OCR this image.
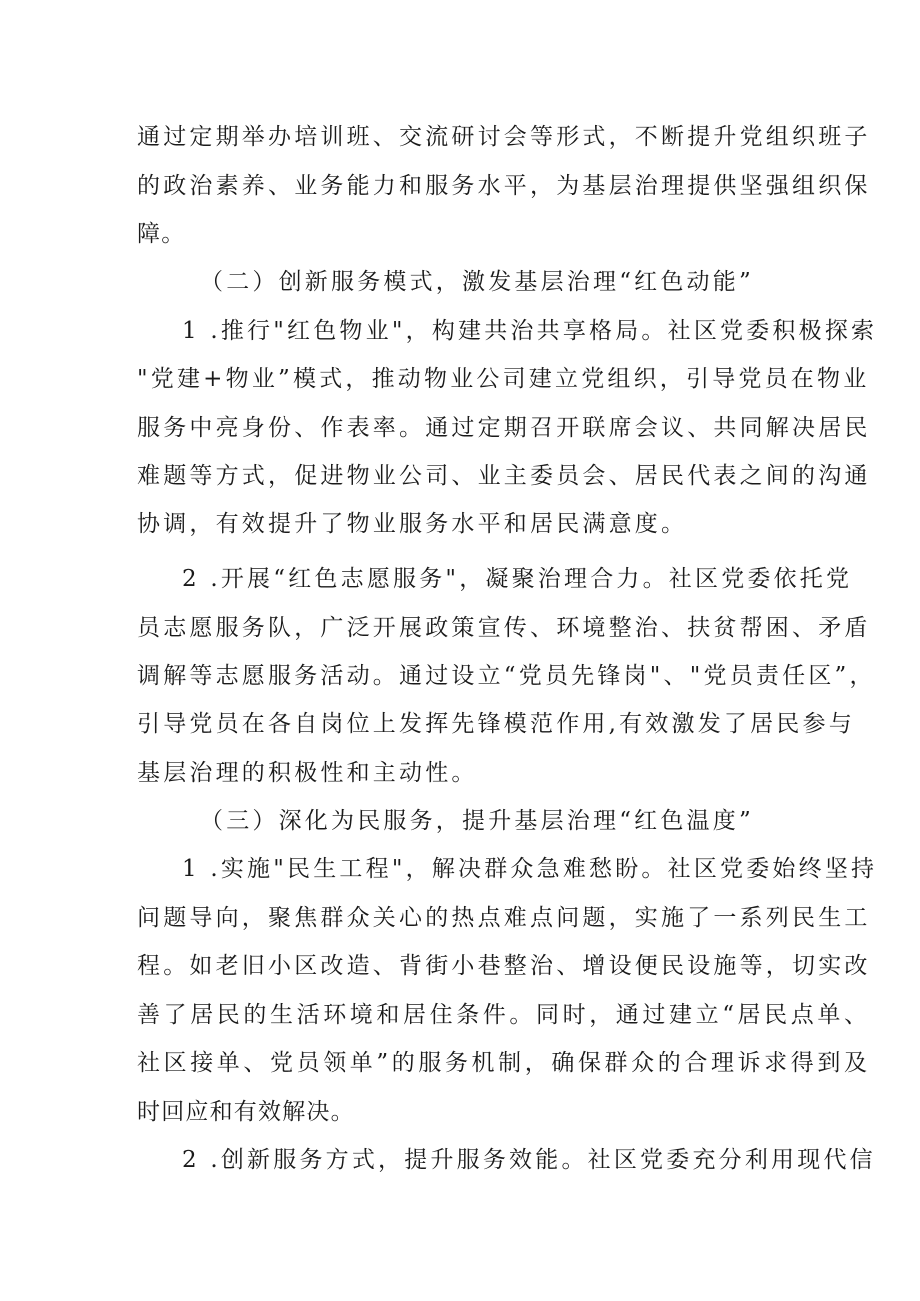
通过定期举办培训班、交流研讨会等形式，不断提升党组织班子
的政治素养、业务能力和服务水平，为基层治理提供坚强组织保
障。
（二）创新服务模式，激发基层治理“红色动能”
1 .推行"红色物业"，构建共治共享格局。社区党委积极探索
"党建+物业”模式，推动物业公司建立党组织，引导党员在物业
服务中亮身份、作表率。通过定期召开联席会议、共同解决居民
难题等方式，促进物业公司、业主委员会、居民代表之间的沟通
协调，有效提升了物业服务水平和居民满意度。
2 .开展“红色志愿服务"，凝聚治理合力。社区党委依托党
员志愿服务队，广泛开展政策宣传、环境整治、扶贫帮困、矛盾
调解等志愿服务活动。通过设立“党员先锋岗"、"党员责任区”，
引导党员在各自岗位上发挥先锋模范作用,有效激发了居民参与
基层治理的积极性和主动性。
（三）深化为民服务，提升基层治理“红色温度”
1 .实施"民生工程"，解决群众急难愁盼。社区党委始终坚持
问题导向，聚焦群众关心的热点难点问题，实施了一系列民生工
程。如老旧小区改造、背街小巷整治、增设便民设施等，切实改
善了居民的生活环境和居住条件。同时，通过建立“居民点单、
社区接单、党员领单”的服务机制，确保群众的合理诉求得到及
时回应和有效解决。
2 .创新服务方式，提升服务效能。社区党委充分利用现代信
